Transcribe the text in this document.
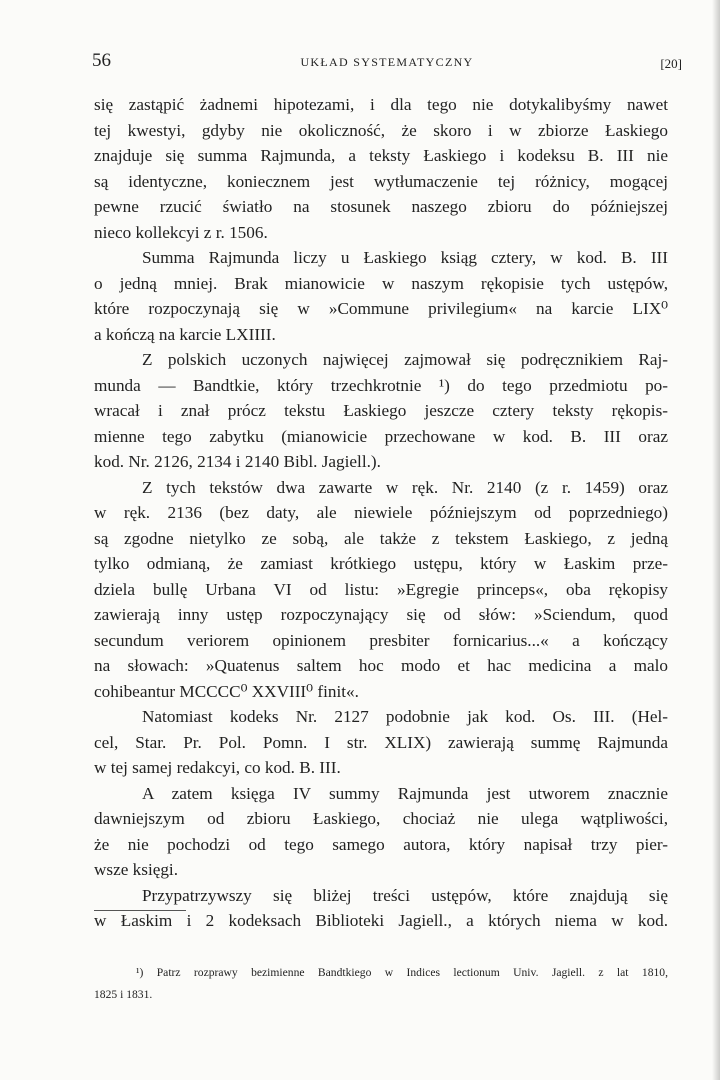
56	UKŁAD SYSTEMATYCZNY	[20]
się zastąpić żadnemi hipotezami, i dla tego nie dotykalibyśmy nawet
tej kwestyi, gdyby nie okoliczność, że skoro i w zbiorze Łaskiego
znajduje się summa Rajmunda, a teksty Łaskiego i kodeksu B. III nie
są identyczne, koniecznem jest wytłumaczenie tej różnicy, mogącej
pewne rzucić światło na stosunek naszego zbioru do późniejszej
nieco kollekcyi z r. 1506.
Summa Rajmunda liczy u Łaskiego ksiąg cztery, w kod. B. III
o jedną mniej. Brak mianowicie w naszym rękopisie tych ustępów,
które rozpoczynają się w »Commune privilegium« na karcie LIX⁰
a kończą na karcie LXIIII.
Z polskich uczonych najwięcej zajmował się podręcznikiem Raj-
munda — Bandtkie, który trzechkrotnie ¹) do tego przedmiotu po-
wracał i znał prócz tekstu Łaskiego jeszcze cztery teksty rękopis-
mienne tego zabytku (mianowicie przechowane w kod. B. III oraz
kod. Nr. 2126, 2134 i 2140 Bibl. Jagiell.).
Z tych tekstów dwa zawarte w ręk. Nr. 2140 (z r. 1459) oraz
w ręk. 2136 (bez daty, ale niewiele późniejszym od poprzedniego)
są zgodne nietylko ze sobą, ale także z tekstem Łaskiego, z jedną
tylko odmianą, że zamiast krótkiego ustępu, który w Łaskim prze-
dziela bullę Urbana VI od listu: »Egregie princeps«, oba rękopisy
zawierają inny ustęp rozpoczynający się od słów: »Sciendum, quod
secundum veriorem opinionem presbiter fornicarius...« a kończący
na słowach: »Quatenus saltem hoc modo et hac medicina a malo
cohibeantur MCCCC⁰ XXVIII⁰ finit«.
Natomiast kodeks Nr. 2127 podobnie jak kod. Os. III. (Hel-
cel, Star. Pr. Pol. Pomn. I str. XLIX) zawierają summę Rajmunda
w tej samej redakcyi, co kod. B. III.
A zatem księga IV summy Rajmunda jest utworem znacznie
dawniejszym od zbioru Łaskiego, chociaż nie ulega wątpliwości,
że nie pochodzi od tego samego autora, który napisał trzy pier-
wsze księgi.
Przypatrzywszy się bliżej treści ustępów, które znajdują się
w Łaskim i 2 kodeksach Biblioteki Jagiell., a których niema w kod.
¹) Patrz rozprawy bezimienne Bandtkiego w Indices lectionum Univ. Jagiell. z lat 1810,
1825 i 1831.
